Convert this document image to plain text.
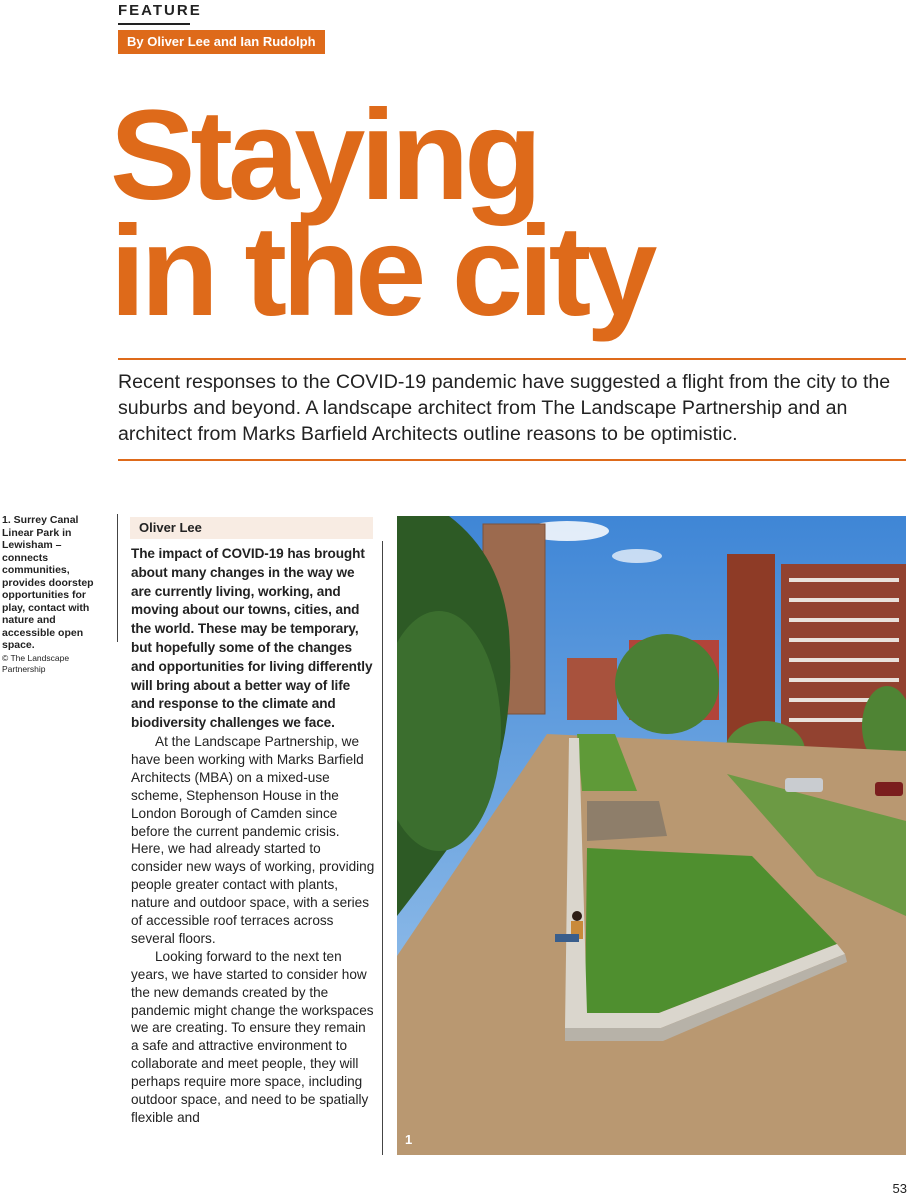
FEATURE
By Oliver Lee and Ian Rudolph
Staying
in the city

Recent responses to the COVID-19 pandemic have suggested a flight from the city to the suburbs and beyond. A landscape architect from The Landscape Partnership and an architect from Marks Barfield Architects outline reasons to be optimistic.

1. Surrey Canal Linear Park in Lewisham – connects communities, provides doorstep opportunities for play, contact with nature and accessible open space.
© The Landscape Partnership
Oliver Lee

The impact of COVID-19 has brought about many changes in the way we are currently living, working, and moving about our towns, cities, and the world. These may be temporary, but hopefully some of the changes and opportunities for living differently will bring about a better way of life and response to the climate and biodiversity challenges we face.

At the Landscape Partnership, we have been working with Marks Barfield Architects (MBA) on a mixed-use scheme, Stephenson House in the London Borough of Camden since before the current pandemic crisis. Here, we had already started to consider new ways of working, providing people greater contact with plants, nature and outdoor space, with a series of accessible roof terraces across several floors.

Looking forward to the next ten years, we have started to consider how the new demands created by the pandemic might change the workspaces we are creating. To ensure they remain a safe and attractive environment to collaborate and meet people, they will perhaps require more space, including outdoor space, and need to be spatially flexible and

1
53
